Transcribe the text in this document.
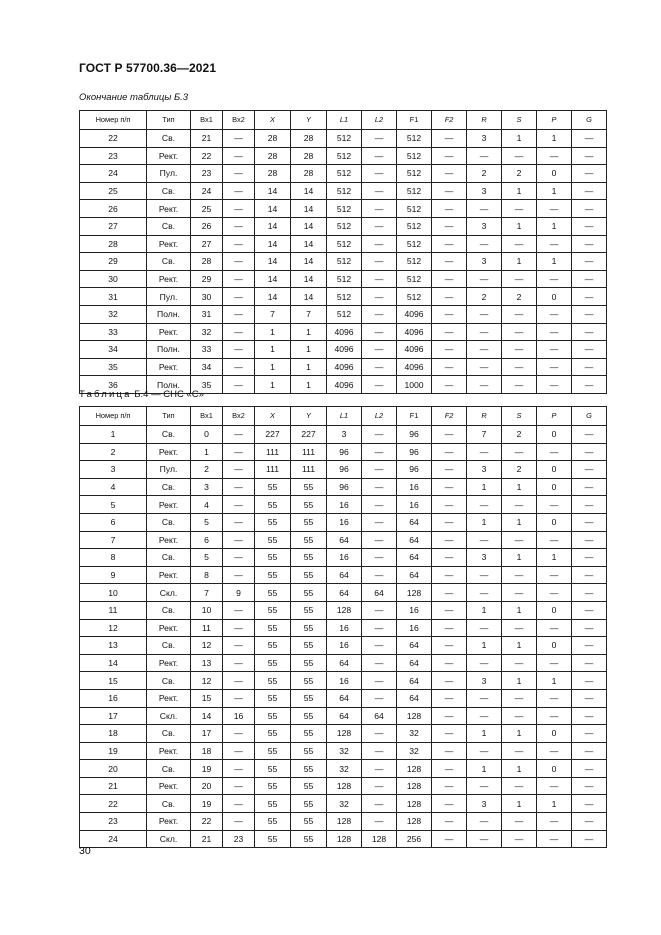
ГОСТ Р 57700.36—2021
Окончание таблицы Б.3
Номер п/п	Тип	Вх1	Вх2	X	Y	L1	L2	F1	F2	R	S	P	G
22	Св.	21	—	28	28	512	—	512	—	3	1	1	—
23	Рект.	22	—	28	28	512	—	512	—	—	—	—	—
24	Пул.	23	—	28	28	512	—	512	—	2	2	0	—
25	Св.	24	—	14	14	512	—	512	—	3	1	1	—
26	Рект.	25	—	14	14	512	—	512	—	—	—	—	—
27	Св.	26	—	14	14	512	—	512	—	3	1	1	—
28	Рект.	27	—	14	14	512	—	512	—	—	—	—	—
29	Св.	28	—	14	14	512	—	512	—	3	1	1	—
30	Рект.	29	—	14	14	512	—	512	—	—	—	—	—
31	Пул.	30	—	14	14	512	—	512	—	2	2	0	—
32	Полн.	31	—	7	7	512	—	4096	—	—	—	—	—
33	Рект.	32	—	1	1	4096	—	4096	—	—	—	—	—
34	Полн.	33	—	1	1	4096	—	4096	—	—	—	—	—
35	Рект.	34	—	1	1	4096	—	4096	—	—	—	—	—
36	Полн.	35	—	1	1	4096	—	1000	—	—	—	—	—
Таблица Б.4 — СНС «С»
Номер п/п	Тип	Вх1	Вх2	X	Y	L1	L2	F1	F2	R	S	P	G
1	Св.	0	—	227	227	3	—	96	—	7	2	0	—
2	Рект.	1	—	111	111	96	—	96	—	—	—	—	—
3	Пул.	2	—	111	111	96	—	96	—	3	2	0	—
4	Св.	3	—	55	55	96	—	16	—	1	1	0	—
5	Рект.	4	—	55	55	16	—	16	—	—	—	—	—
6	Св.	5	—	55	55	16	—	64	—	1	1	0	—
7	Рект.	6	—	55	55	64	—	64	—	—	—	—	—
8	Св.	5	—	55	55	16	—	64	—	3	1	1	—
9	Рект.	8	—	55	55	64	—	64	—	—	—	—	—
10	Скл.	7	9	55	55	64	64	128	—	—	—	—	—
11	Св.	10	—	55	55	128	—	16	—	1	1	0	—
12	Рект.	11	—	55	55	16	—	16	—	—	—	—	—
13	Св.	12	—	55	55	16	—	64	—	1	1	0	—
14	Рект.	13	—	55	55	64	—	64	—	—	—	—	—
15	Св.	12	—	55	55	16	—	64	—	3	1	1	—
16	Рект.	15	—	55	55	64	—	64	—	—	—	—	—
17	Скл.	14	16	55	55	64	64	128	—	—	—	—	—
18	Св.	17	—	55	55	128	—	32	—	1	1	0	—
19	Рект.	18	—	55	55	32	—	32	—	—	—	—	—
20	Св.	19	—	55	55	32	—	128	—	1	1	0	—
21	Рект.	20	—	55	55	128	—	128	—	—	—	—	—
22	Св.	19	—	55	55	32	—	128	—	3	1	1	—
23	Рект.	22	—	55	55	128	—	128	—	—	—	—	—
24	Скл.	21	23	55	55	128	128	256	—	—	—	—	—
30
